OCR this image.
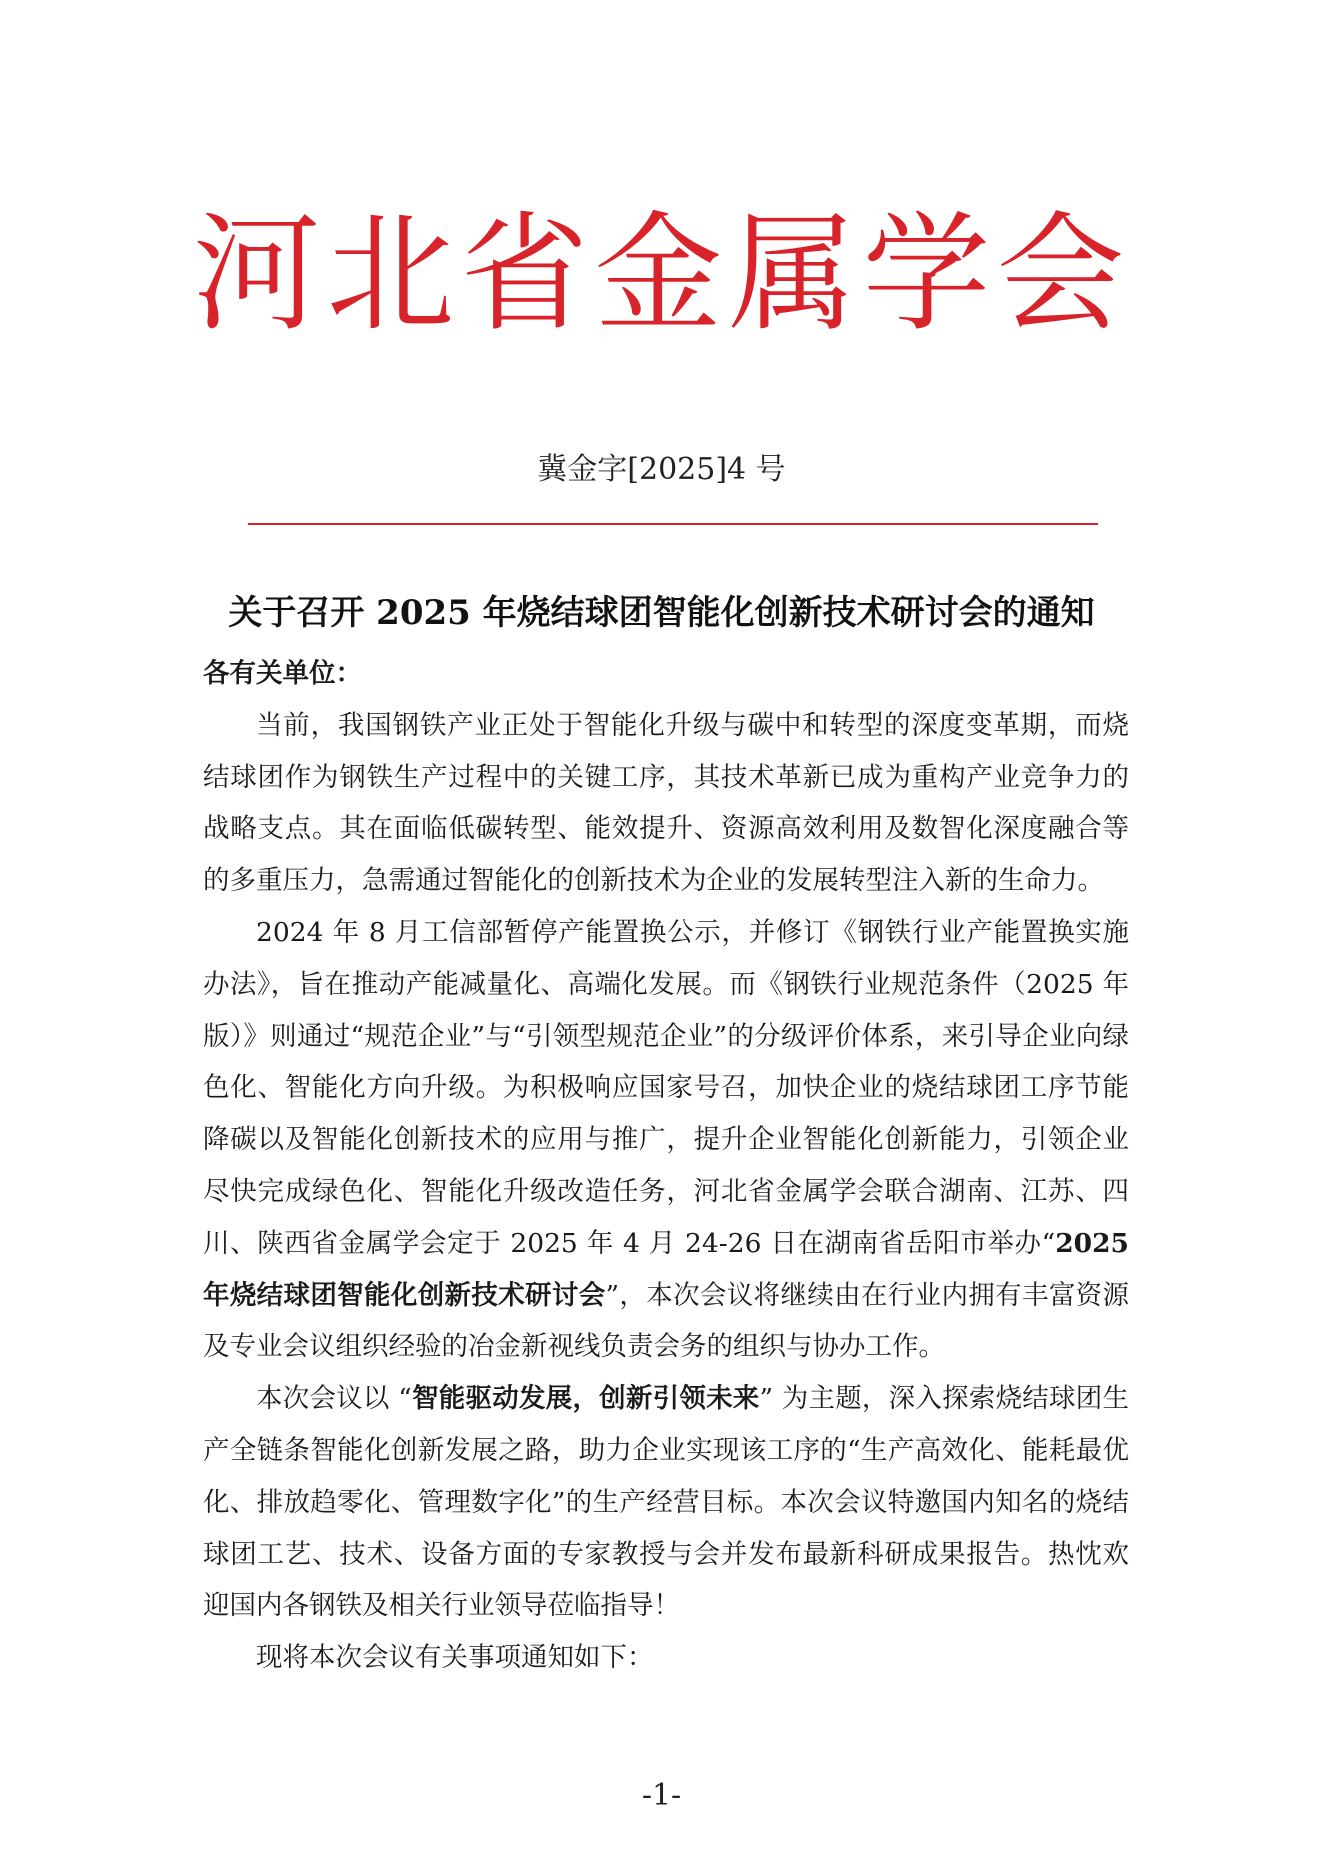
河北省金属学会
冀金字[2025]4 号
关于召开 2025 年烧结球团智能化创新技术研讨会的通知

各有关单位：

当前，我国钢铁产业正处于智能化升级与碳中和转型的深度变革期，而烧结球团作为钢铁生产过程中的关键工序，其技术革新已成为重构产业竞争力的战略支点。其在面临低碳转型、能效提升、资源高效利用及数智化深度融合等的多重压力，急需通过智能化的创新技术为企业的发展转型注入新的生命力。

2024 年 8 月工信部暂停产能置换公示，并修订《钢铁行业产能置换实施办法》，旨在推动产能减量化、高端化发展。而《钢铁行业规范条件（2025 年版）》则通过“规范企业”与“引领型规范企业”的分级评价体系，来引导企业向绿色化、智能化方向升级。为积极响应国家号召，加快企业的烧结球团工序节能降碳以及智能化创新技术的应用与推广，提升企业智能化创新能力，引领企业尽快完成绿色化、智能化升级改造任务，河北省金属学会联合湖南、江苏、四川、陕西省金属学会定于 2025 年 4 月 24-26 日在湖南省岳阳市举办“2025 年烧结球团智能化创新技术研讨会”，本次会议将继续由在行业内拥有丰富资源及专业会议组织经验的冶金新视线负责会务的组织与协办工作。

本次会议以 “智能驱动发展，创新引领未来” 为主题，深入探索烧结球团生产全链条智能化创新发展之路，助力企业实现该工序的“生产高效化、能耗最优化、排放趋零化、管理数字化”的生产经营目标。本次会议特邀国内知名的烧结球团工艺、技术、设备方面的专家教授与会并发布最新科研成果报告。热忱欢迎国内各钢铁及相关行业领导莅临指导！

现将本次会议有关事项通知如下：

-1-
